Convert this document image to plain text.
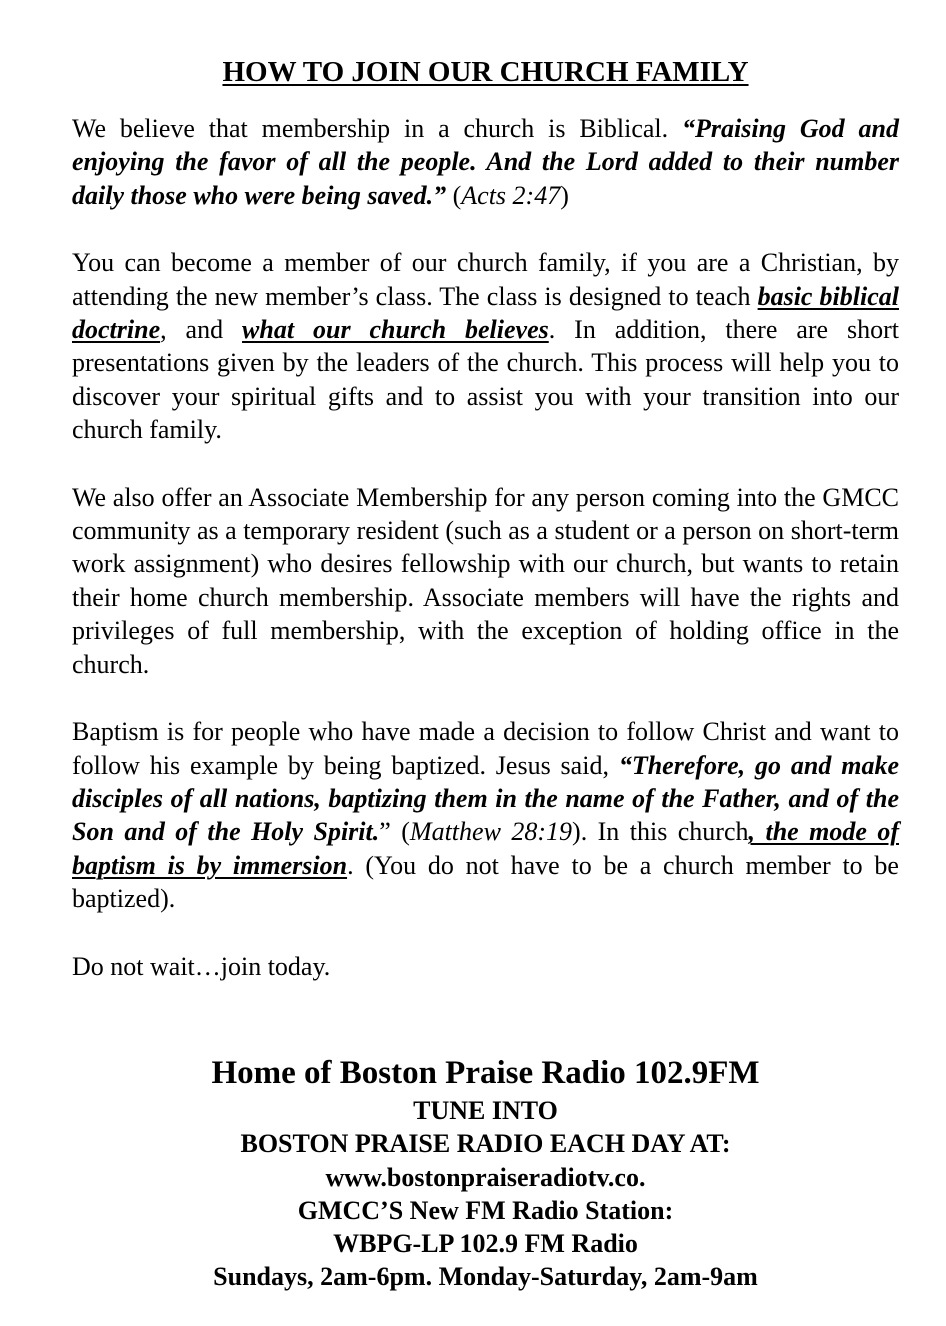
HOW TO JOIN OUR CHURCH FAMILY

We believe that membership in a church is Biblical. “Praising God and enjoying the favor of all the people. And the Lord added to their number daily those who were being saved.” (Acts 2:47)

You can become a member of our church family, if you are a Christian, by attending the new member’s class. The class is designed to teach basic biblical doctrine, and what our church believes. In addition, there are short presentations given by the leaders of the church. This process will help you to discover your spiritual gifts and to assist you with your transition into our church family.

We also offer an Associate Membership for any person coming into the GMCC community as a temporary resident (such as a student or a person on short-term work assignment) who desires fellowship with our church, but wants to retain their home church membership. Associate members will have the rights and privileges of full membership, with the exception of holding office in the church.

Baptism is for people who have made a decision to follow Christ and want to follow his example by being baptized. Jesus said, “Therefore, go and make disciples of all nations, baptizing them in the name of the Father, and of the Son and of the Holy Spirit.” (Matthew 28:19). In this church, the mode of baptism is by immersion. (You do not have to be a church member to be baptized).

Do not wait…join today.

Home of Boston Praise Radio 102.9FM
TUNE INTO
BOSTON PRAISE RADIO EACH DAY AT:
www.bostonpraiseradiotv.co.
GMCC’S New FM Radio Station:
WBPG-LP 102.9 FM Radio
Sundays, 2am-6pm. Monday-Saturday, 2am-9am
